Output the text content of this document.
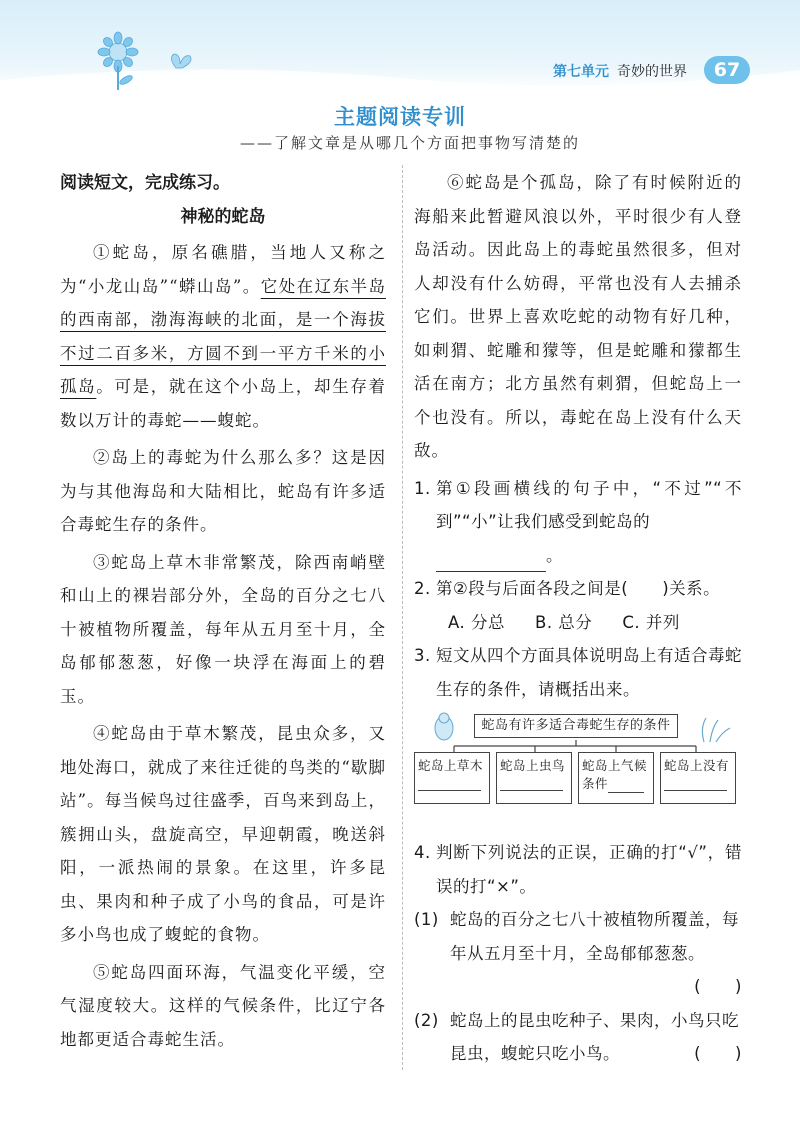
第七单元 奇妙的世界	67
主题阅读专训
——了解文章是从哪几个方面把事物写清楚的
阅读短文，完成练习。
神秘的蛇岛

①蛇岛，原名礁腊，当地人又称之为“小龙山岛”“蟒山岛”。它处在辽东半岛的西南部，渤海海峡的北面，是一个海拔不过二百多米，方圆不到一平方千米的小孤岛。可是，就在这个小岛上，却生存着数以万计的毒蛇——蝮蛇。

②岛上的毒蛇为什么那么多？这是因为与其他海岛和大陆相比，蛇岛有许多适合毒蛇生存的条件。

③蛇岛上草木非常繁茂，除西南峭壁和山上的裸岩部分外，全岛的百分之七八十被植物所覆盖，每年从五月至十月，全岛郁郁葱葱，好像一块浮在海面上的碧玉。

④蛇岛由于草木繁茂，昆虫众多，又地处海口，就成了来往迁徙的鸟类的“歇脚站”。每当候鸟过往盛季，百鸟来到岛上，簇拥山头，盘旋高空，早迎朝霞，晚送斜阳，一派热闹的景象。在这里，许多昆虫、果肉和种子成了小鸟的食品，可是许多小鸟也成了蝮蛇的食物。

⑤蛇岛四面环海，气温变化平缓，空气湿度较大。这样的气候条件，比辽宁各地都更适合毒蛇生活。

⑥蛇岛是个孤岛，除了有时候附近的海船来此暂避风浪以外，平时很少有人登岛活动。因此岛上的毒蛇虽然很多，但对人却没有什么妨碍，平常也没有人去捕杀它们。世界上喜欢吃蛇的动物有好几种，如刺猬、蛇雕和獴等，但是蛇雕和獴都生活在南方；北方虽然有刺猬，但蛇岛上一个也没有。所以，毒蛇在岛上没有什么天敌。

1. 第①段画横线的句子中，“不过”“不到”“小”让我们感受到蛇岛的
。
2. 第②段与后面各段之间是(　　)关系。
A. 分总 B. 总分 C. 并列
3. 短文从四个方面具体说明岛上有适合毒蛇生存的条件，请概括出来。
蛇岛有许多适合毒蛇生存的条件
蛇岛上草木	蛇岛上虫鸟	蛇岛上气候
条件
蛇岛上没有
4. 判断下列说法的正误，正确的打“√”，错误的打“×”。
(1) 蛇岛的百分之七八十被植物所覆盖，每年从五月至十月，全岛郁郁葱葱。
(　　)
(2) 蛇岛上的昆虫吃种子、果肉，小鸟只吃昆虫，蝮蛇只吃小鸟。	(　　)
